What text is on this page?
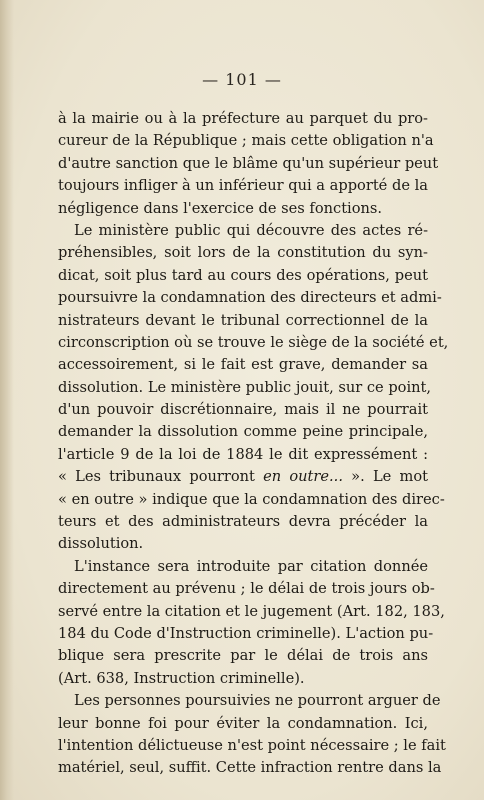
— 101 —
à la mairie ou à la préfecture au parquet du pro-
cureur de la République ; mais cette obligation n'a
d'autre sanction que le blâme qu'un supérieur peut
toujours infliger à un inférieur qui a apporté de la
négligence dans l'exercice de ses fonctions.
Le ministère public qui découvre des actes ré-
préhensibles, soit lors de la constitution du syn-
dicat, soit plus tard au cours des opérations, peut
poursuivre la condamnation des directeurs et admi-
nistrateurs devant le tribunal correctionnel de la
circonscription où se trouve le siège de la société et,
accessoirement, si le fait est grave, demander sa
dissolution. Le ministère public jouit, sur ce point,
d'un pouvoir discrétionnaire, mais il ne pourrait
demander la dissolution comme peine principale,
l'article 9 de la loi de 1884 le dit expressément :
« Les tribunaux pourront en outre... ». Le mot
« en outre » indique que la condamnation des direc-
teurs et des administrateurs devra précéder la
dissolution.
L'instance sera introduite par citation donnée
directement au prévenu ; le délai de trois jours ob-
servé entre la citation et le jugement (Art. 182, 183,
184 du Code d'Instruction criminelle). L'action pu-
blique sera prescrite par le délai de trois ans
(Art. 638, Instruction criminelle).
Les personnes poursuivies ne pourront arguer de
leur bonne foi pour éviter la condamnation. Ici,
l'intention délictueuse n'est point nécessaire ; le fait
matériel, seul, suffit. Cette infraction rentre dans la
